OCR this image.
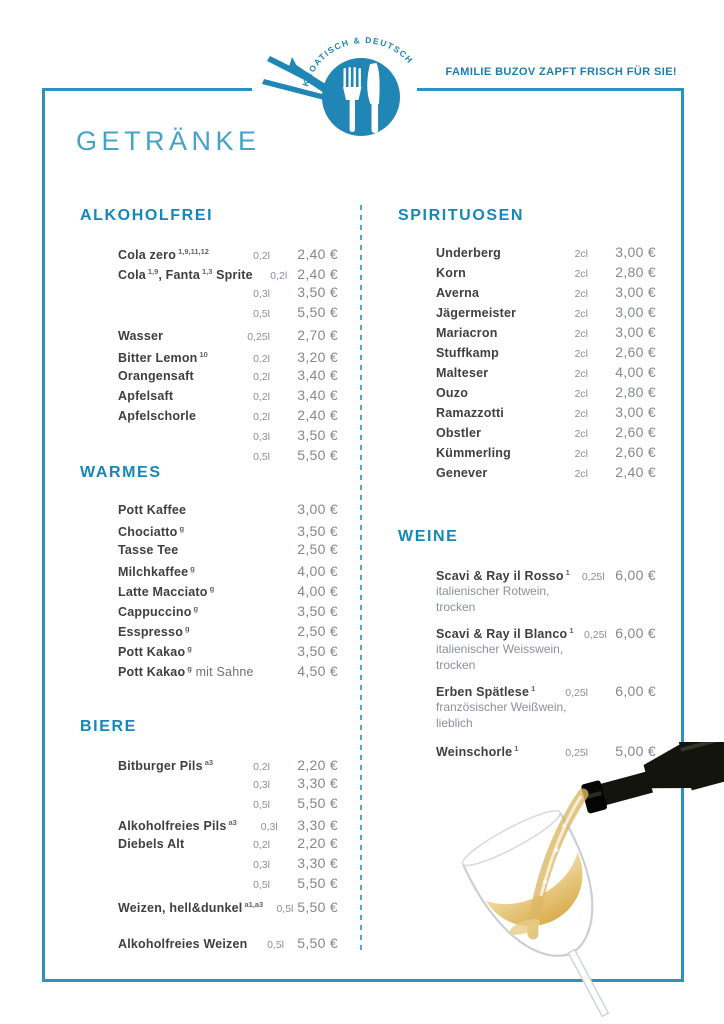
KROATISCH & DEUTSCH
FAMILIE BUZOV ZAPFT FRISCH FÜR SIE!
GETRÄNKE
ALKOHOLFREI
Cola zero $^{1,9,11,12}$	0,2l	2,40 €
Cola $^{1,9}$, Fanta $^{1,3}$ Sprite	0,2l 2,40 €
0,3l	3,50 €
0,5l	5,50 €
Wasser	0,25l	2,70 €
Bitter Lemon $^{10}$	0,2l	3,20 €
Orangensaft	0,2l	3,40 €
Apfelsaft	0,2l	3,40 €
Apfelschorle	0,2l	2,40 €
0,3l	3,50 €
0,5l	5,50 €
WARMES
Pott Kaffee	3,00 €
Chociatto $^g$	3,50 €
Tasse Tee	2,50 €
Milchkaffee $^g$	4,00 €
Latte Macciato $^g$	4,00 €
Cappuccino $^g$	3,50 €
Esspresso $^g$	2,50 €
Pott Kakao $^g$	3,50 €
Pott Kakao $^g$ mit Sahne	4,50 €
BIERE
Bitburger Pils $^{a3}$	0,2l	2,20 €
0,3l	3,30 €
0,5l	5,50 €
Alkoholfreies Pils $^{a3}$	0,3l	3,30 €
Diebels Alt	0,2l	2,20 €
0,3l	3,30 €
0,5l	5,50 €
Weizen, hell&dunkel $^{a1,a3}$	0,5l 5,50 €
Alkoholfreies Weizen	0,5l 5,50 €
SPIRITUOSEN
Underberg	2cl	3,00 €
Korn	2cl	2,80 €
Averna	2cl	3,00 €
Jägermeister	2cl	3,00 €
Mariacron	2cl	3,00 €
Stuffkamp	2cl	2,60 €
Malteser	2cl	4,00 €
Ouzo	2cl	2,80 €
Ramazzotti	2cl	3,00 €
Obstler	2cl	2,60 €
Kümmerling	2cl	2,60 €
Genever	2cl	2,40 €
WEINE
Scavi & Ray il Rosso $^1$	0,25l 6,00 €
italienischer Rotwein,
trocken
Scavi & Ray il Blanco $^1$	0,25l 6,00 €
italienischer Weisswein,
trocken
Erben Spätlese $^1$	0,25l	6,00 €
französischer Weißwein,
lieblich
Weinschorle $^1$	0,25l	5,00 €
